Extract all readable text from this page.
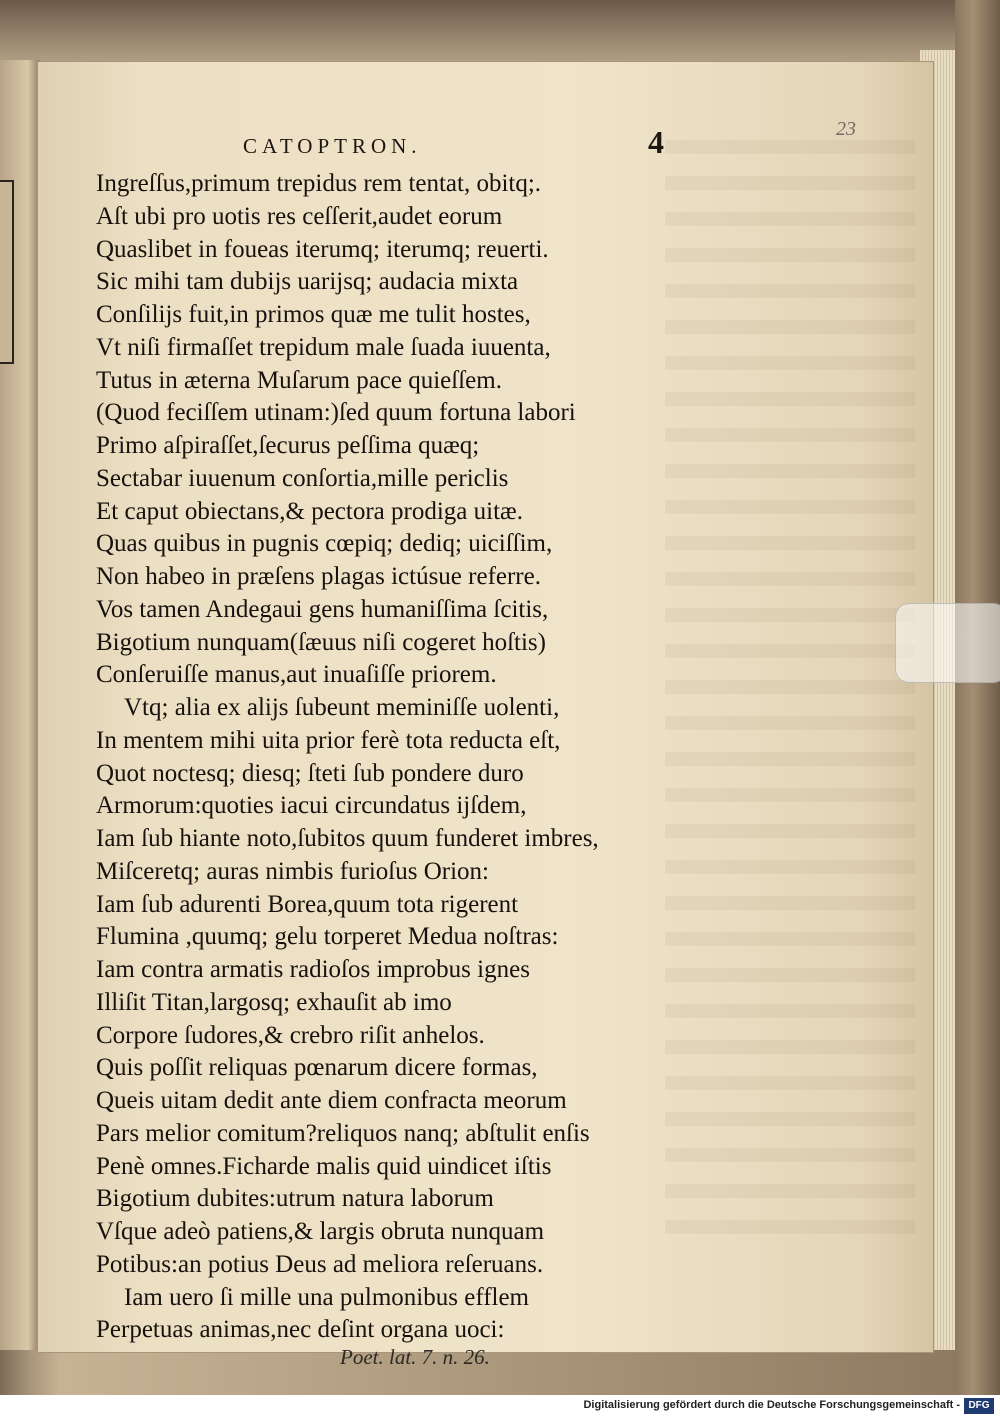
CATOPTRON.	4	23
Ingreſſus,primum trepidus rem tentat, obitq;.
Aſt ubi pro uotis res ceſſerit,audet eorum
Quaslibet in foueas iterumq; iterumq; reuerti.
Sic mihi tam dubijs uarijsq; audacia mixta
Conſilijs fuit,in primos quæ me tulit hostes,
Vt niſi firmaſſet trepidum male ſuada iuuenta,
Tutus in æterna Muſarum pace quieſſem.
(Quod feciſſem utinam:)ſed quum fortuna labori
Primo aſpiraſſet,ſecurus peſſima quæq;
Sectabar iuuenum conſortia,mille periclis
Et caput obiectans,& pectora prodiga uitæ.
Quas quibus in pugnis cœpiq; dediq; uiciſſim,
Non habeo in præſens plagas ictúsue referre.
Vos tamen Andegaui gens humaniſſima ſcitis,
Bigotium nunquam(ſæuus niſi cogeret hoſtis)
Conſeruiſſe manus,aut inuaſiſſe priorem.
Vtq; alia ex alijs ſubeunt meminiſſe uolenti,
In mentem mihi uita prior ferè tota reducta eſt,
Quot noctesq; diesq; ſteti ſub pondere duro
Armorum:quoties iacui circundatus ijſdem,
Iam ſub hiante noto,ſubitos quum funderet imbres,
Miſceretq; auras nimbis furioſus Orion:
Iam ſub adurenti Borea,quum tota rigerent
Flumina ,quumq; gelu torperet Medua noſtras:
Iam contra armatis radioſos improbus ignes
Illiſit Titan,largosq; exhauſit ab imo
Corpore ſudores,& crebro riſit anhelos.
Quis poſſit reliquas pœnarum dicere formas,
Queis uitam dedit ante diem confracta meorum
Pars melior comitum?reliquos nanq; abſtulit enſis
Penè omnes.Ficharde malis quid uindicet iſtis
Bigotium dubites:utrum natura laborum
Vſque adeò patiens,& largis obruta nunquam
Potibus:an potius Deus ad meliora reſeruans.
Iam uero ſi mille una pulmonibus efflem
Perpetuas animas,nec deſint organa uoci:
Poet. lat. 7. n. 26.
Digitalisierung gefördert durch die Deutsche Forschungsgemeinschaft - DFG
